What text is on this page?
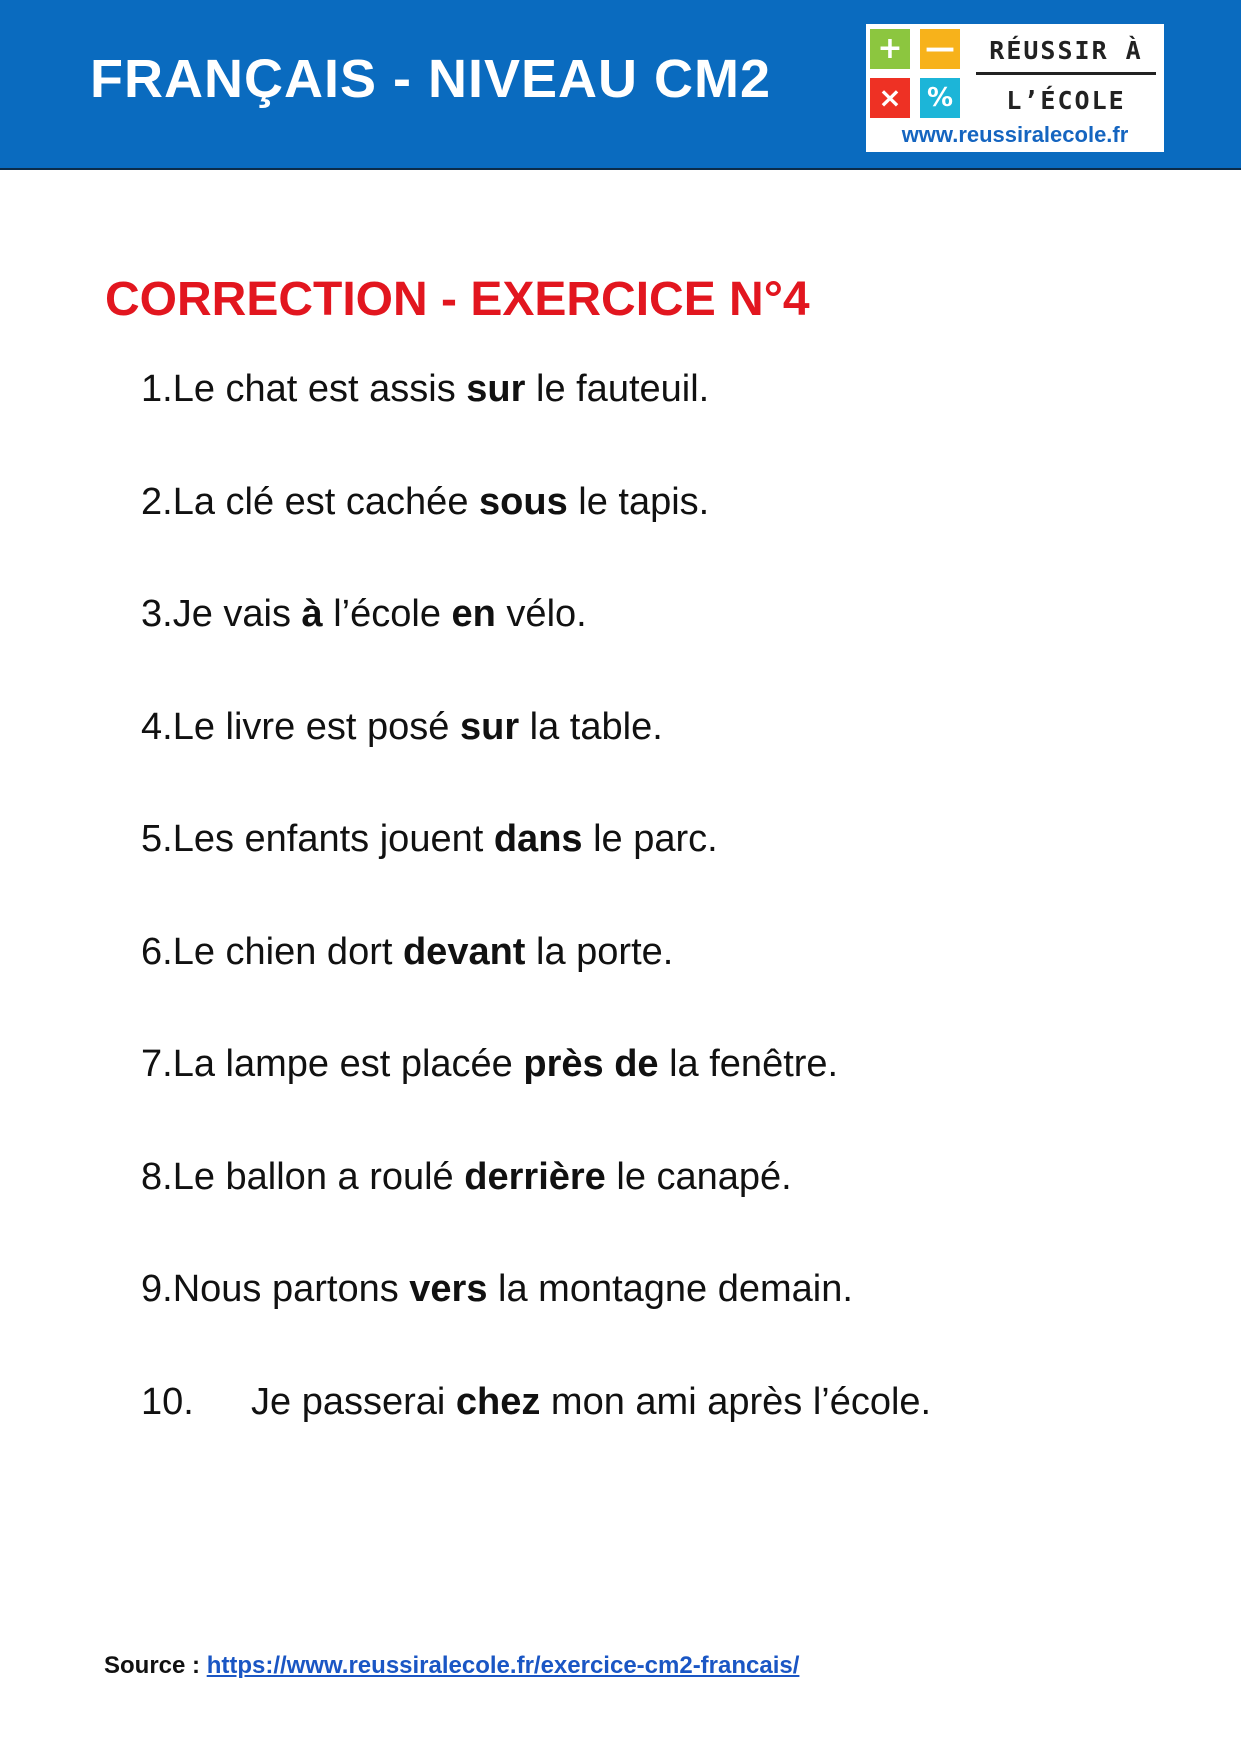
FRANÇAIS - NIVEAU CM2
+ —
× %
RÉUSSIR À
L’ÉCOLE
www.reussiralecole.fr
CORRECTION - EXERCICE N°4
1.Le chat est assis sur le fauteuil.
2.La clé est cachée sous le tapis.
3.Je vais à l’école en vélo.
4.Le livre est posé sur la table.
5.Les enfants jouent dans le parc.
6.Le chien dort devant la porte.
7.La lampe est placée près de la fenêtre.
8.Le ballon a roulé derrière le canapé.
9.Nous partons vers la montagne demain.
10. Je passerai chez mon ami après l’école.
Source : https://www.reussiralecole.fr/exercice-cm2-francais/
